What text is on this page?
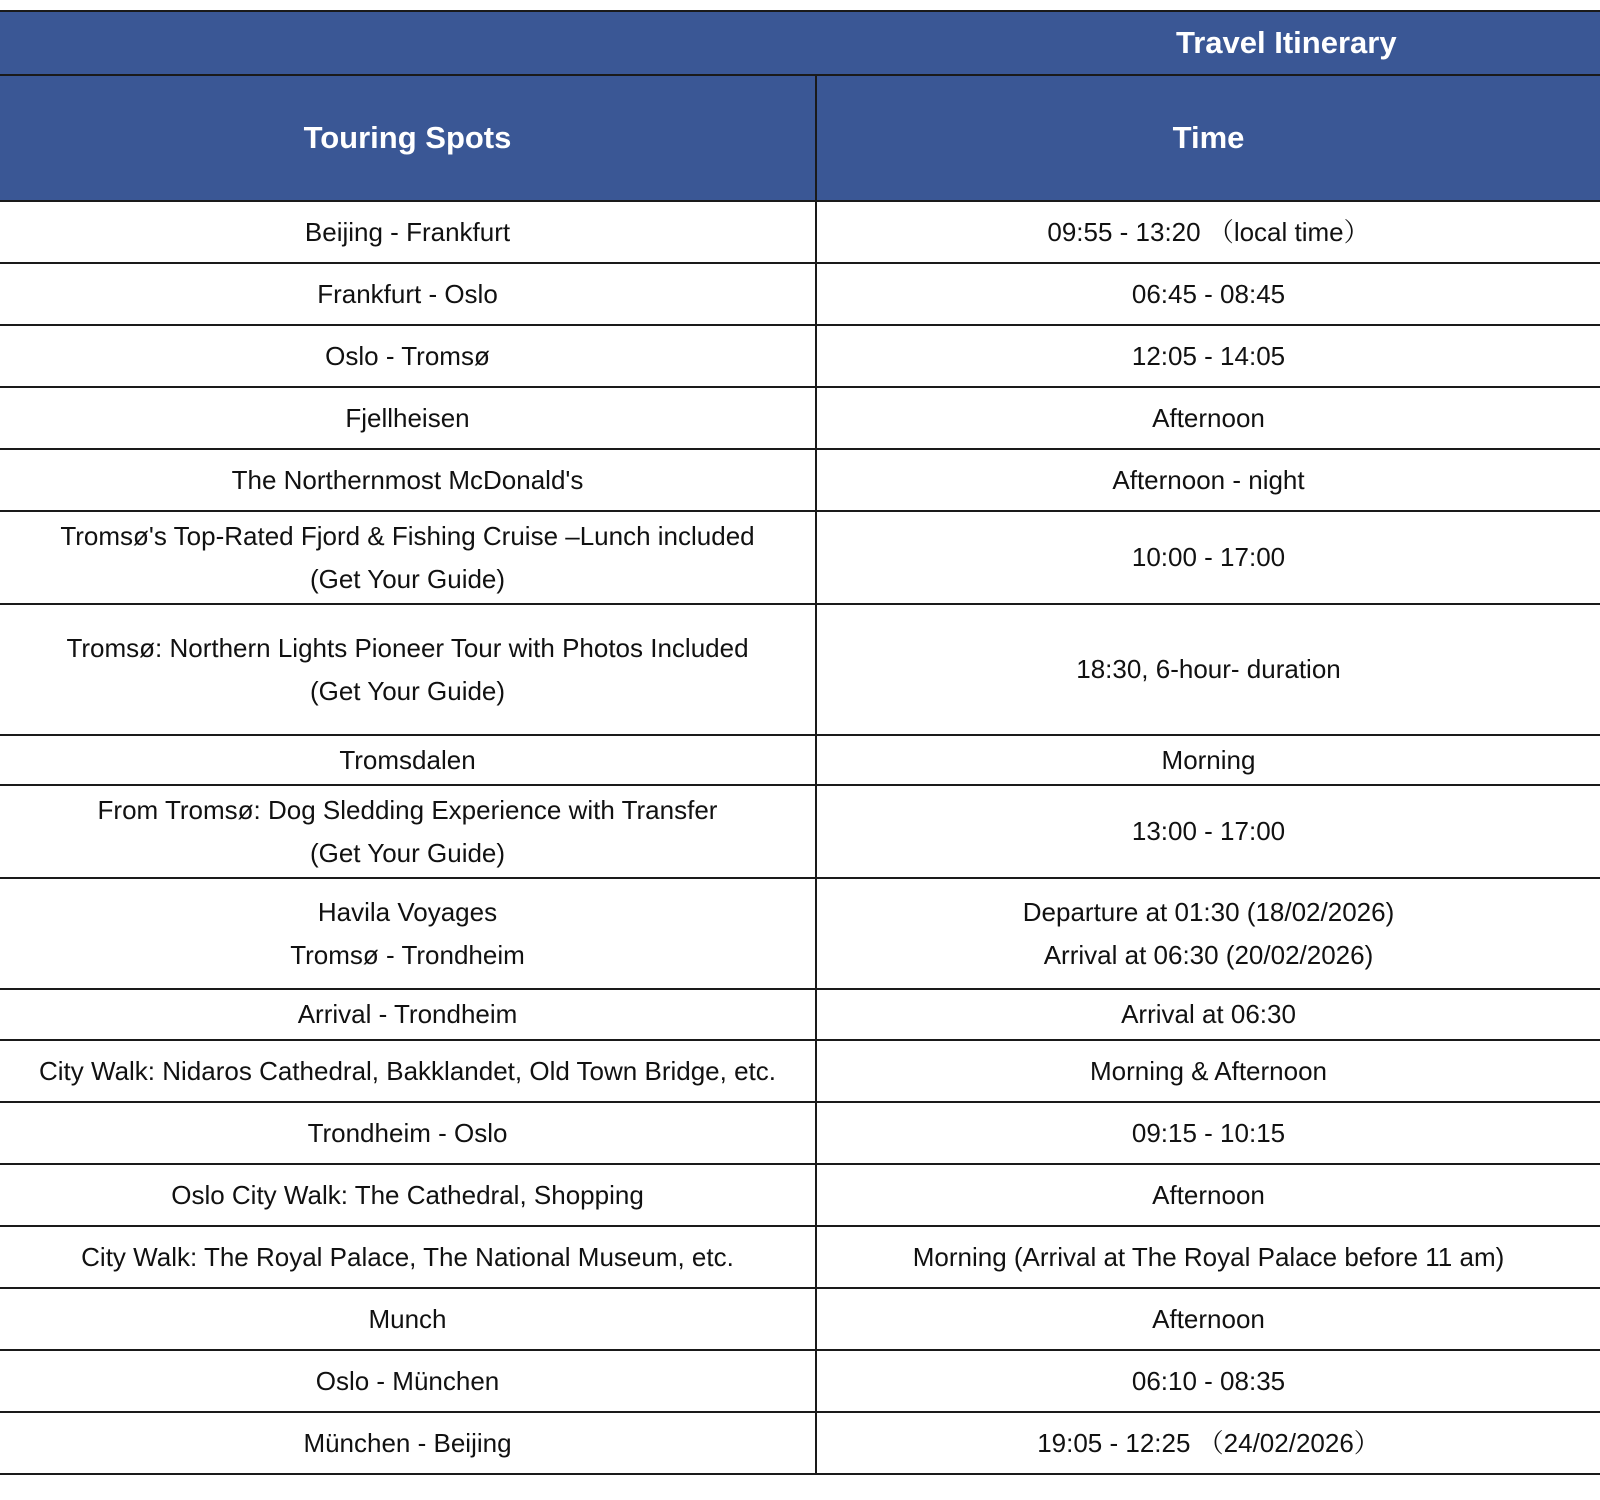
Travel Itinerary	

Touring Spots	Time

Beijing - Frankfurt	09:55 - 13:20 （local time）

Frankfurt - Oslo	06:45 - 08:45

Oslo - Tromsø	12:05 - 14:05

Fjellheisen	Afternoon

The Northernmost McDonald's	Afternoon - night

Tromsø's Top-Rated Fjord & Fishing Cruise –Lunch included
(Get Your Guide)	10:00 - 17:00

Tromsø: Northern Lights Pioneer Tour with Photos Included
(Get Your Guide)	18:30, 6-hour- duration

Tromsdalen	Morning

From Tromsø: Dog Sledding Experience with Transfer
(Get Your Guide)	13:00 - 17:00

Havila Voyages
Tromsø - Trondheim	Departure at 01:30 (18/02/2026)
Arrival at 06:30 (20/02/2026)

Arrival - Trondheim	Arrival at 06:30

City Walk: Nidaros Cathedral, Bakklandet, Old Town Bridge, etc.	Morning & Afternoon

Trondheim - Oslo	09:15 - 10:15

Oslo City Walk: The Cathedral, Shopping	Afternoon

City Walk: The Royal Palace, The National Museum, etc.	Morning (Arrival at The Royal Palace before 11 am)

Munch	Afternoon

Oslo - München	06:10 - 08:35

München - Beijing	19:05 - 12:25 （24/02/2026）
